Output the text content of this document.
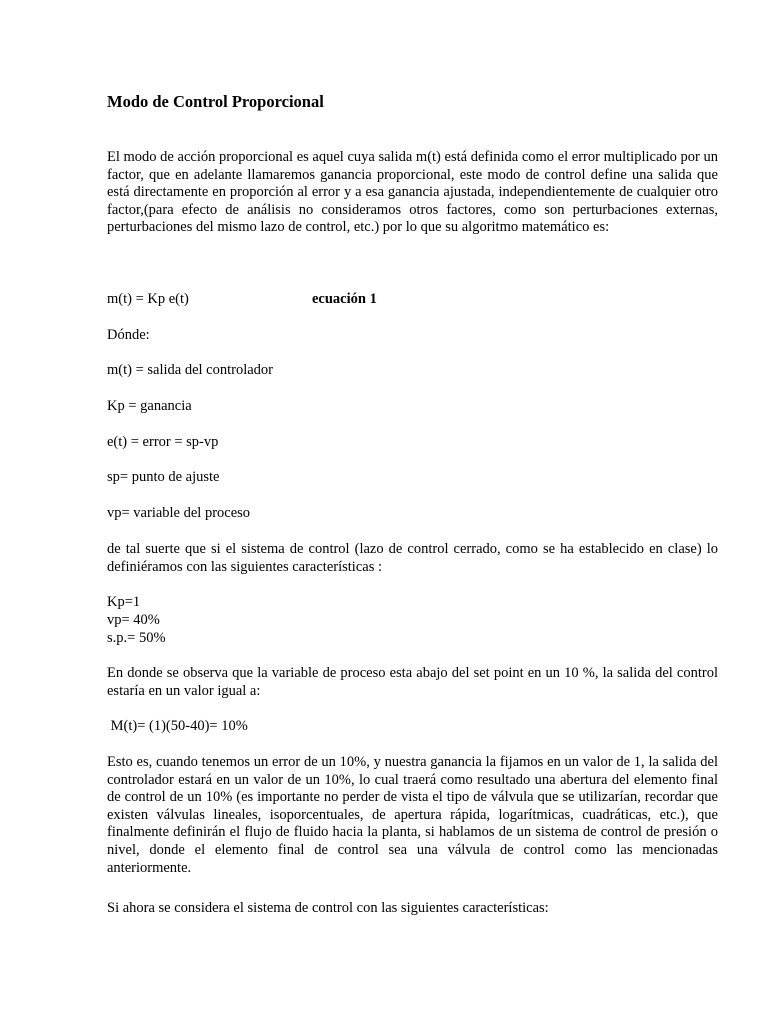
Modo de Control Proporcional

El modo de acción proporcional es aquel cuya salida m(t) está definida como el error multiplicado por un factor, que en adelante llamaremos ganancia proporcional, este modo de control define una salida que está directamente en proporción al error y a esa ganancia ajustada, independientemente de cualquier otro factor,(para efecto de análisis no consideramos otros factores, como son perturbaciones externas, perturbaciones del mismo lazo de control, etc.) por lo que su algoritmo matemático es:

m(t) = Kp e(t)	ecuación 1

Dónde:

m(t) = salida del controlador

Kp = ganancia

e(t) = error = sp-vp

sp= punto de ajuste

vp= variable del proceso

de tal suerte que si el sistema de control (lazo de control cerrado, como se ha establecido en clase) lo definiéramos con las siguientes características :

Kp=1

vp= 40%

s.p.= 50%

En donde se observa que la variable de proceso esta abajo del set point en un 10 %, la salida del control estaría en un valor igual a:

M(t)= (1)(50-40)= 10%

Esto es, cuando tenemos un error de un 10%, y nuestra ganancia la fijamos en un valor de 1, la salida del controlador estará en un valor de un 10%, lo cual traerá como resultado una abertura del elemento final de control de un 10% (es importante no perder de vista el tipo de válvula que se utilizarían, recordar que existen válvulas lineales, isoporcentuales, de apertura rápida, logarítmicas, cuadráticas, etc.), que finalmente definirán el flujo de fluido hacia la planta, si hablamos de un sistema de control de presión o nivel, donde el elemento final de control sea una válvula de control como las mencionadas anteriormente.

Si ahora se considera el sistema de control con las siguientes características:
